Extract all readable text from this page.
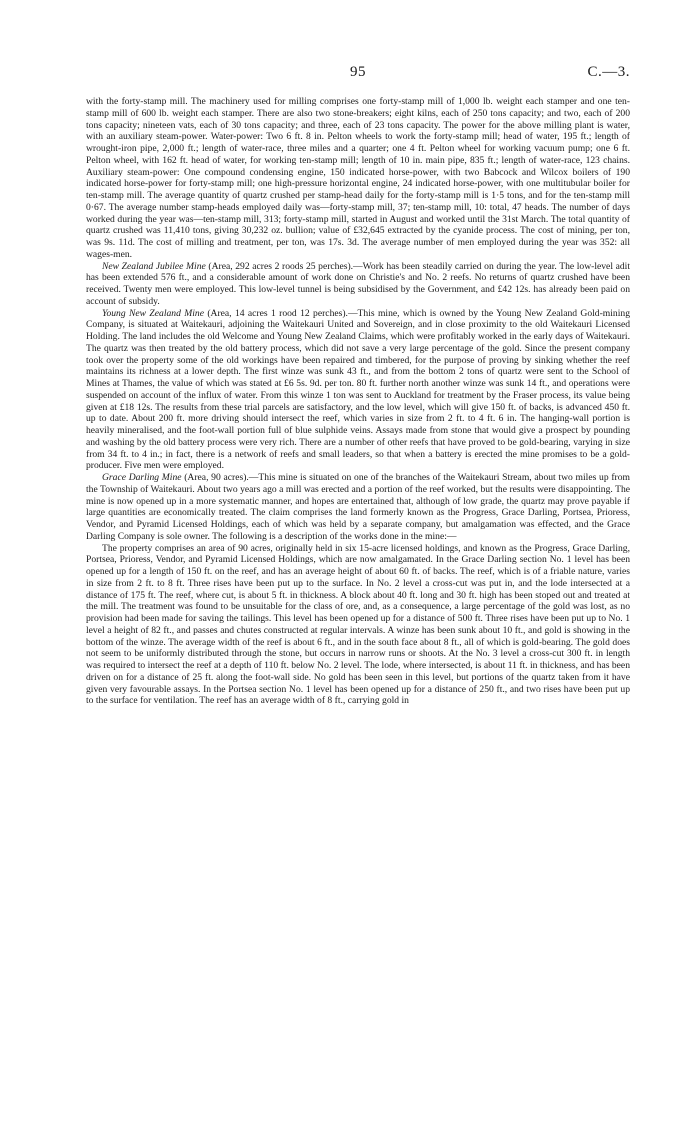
95	C.—3.

with the forty-stamp mill. The machinery used for milling comprises one forty-stamp mill of 1,000 lb. weight each stamper and one ten-stamp mill of 600 lb. weight each stamper. There are also two stone-breakers; eight kilns, each of 250 tons capacity; and two, each of 200 tons capacity; nineteen vats, each of 30 tons capacity; and three, each of 23 tons capacity. The power for the above milling plant is water, with an auxiliary steam-power. Water-power: Two 6 ft. 8 in. Pelton wheels to work the forty-stamp mill; head of water, 195 ft.; length of wrought-iron pipe, 2,000 ft.; length of water-race, three miles and a quarter; one 4 ft. Pelton wheel for working vacuum pump; one 6 ft. Pelton wheel, with 162 ft. head of water, for working ten-stamp mill; length of 10 in. main pipe, 835 ft.; length of water-race, 123 chains. Auxiliary steam-power: One compound condensing engine, 150 indicated horse-power, with two Babcock and Wilcox boilers of 190 indicated horse-power for forty-stamp mill; one high-pressure horizontal engine, 24 indicated horse-power, with one multitubular boiler for ten-stamp mill. The average quantity of quartz crushed per stamp-head daily for the forty-stamp mill is 1·5 tons, and for the ten-stamp mill 0·67. The average number stamp-heads employed daily was—forty-stamp mill, 37; ten-stamp mill, 10: total, 47 heads. The number of days worked during the year was—ten-stamp mill, 313; forty-stamp mill, started in August and worked until the 31st March. The total quantity of quartz crushed was 11,410 tons, giving 30,232 oz. bullion; value of £32,645 extracted by the cyanide process. The cost of mining, per ton, was 9s. 11d. The cost of milling and treatment, per ton, was 17s. 3d. The average number of men employed during the year was 352: all wages-men.

New Zealand Jubilee Mine (Area, 292 acres 2 roods 25 perches).—Work has been steadily carried on during the year. The low-level adit has been extended 576 ft., and a considerable amount of work done on Christie's and No. 2 reefs. No returns of quartz crushed have been received. Twenty men were employed. This low-level tunnel is being subsidised by the Government, and £42 12s. has already been paid on account of subsidy.

Young New Zealand Mine (Area, 14 acres 1 rood 12 perches).—This mine, which is owned by the Young New Zealand Gold-mining Company, is situated at Waitekauri, adjoining the Waitekauri United and Sovereign, and in close proximity to the old Waitekauri Licensed Holding. The land includes the old Welcome and Young New Zealand Claims, which were profitably worked in the early days of Waitekauri. The quartz was then treated by the old battery process, which did not save a very large percentage of the gold. Since the present company took over the property some of the old workings have been repaired and timbered, for the purpose of proving by sinking whether the reef maintains its richness at a lower depth. The first winze was sunk 43 ft., and from the bottom 2 tons of quartz were sent to the School of Mines at Thames, the value of which was stated at £6 5s. 9d. per ton. 80 ft. further north another winze was sunk 14 ft., and operations were suspended on account of the influx of water. From this winze 1 ton was sent to Auckland for treatment by the Fraser process, its value being given at £18 12s. The results from these trial parcels are satisfactory, and the low level, which will give 150 ft. of backs, is advanced 450 ft. up to date. About 200 ft. more driving should intersect the reef, which varies in size from 2 ft. to 4 ft. 6 in. The hanging-wall portion is heavily mineralised, and the foot-wall portion full of blue sulphide veins. Assays made from stone that would give a prospect by pounding and washing by the old battery process were very rich. There are a number of other reefs that have proved to be gold-bearing, varying in size from 34 ft. to 4 in.; in fact, there is a network of reefs and small leaders, so that when a battery is erected the mine promises to be a gold-producer. Five men were employed.

Grace Darling Mine (Area, 90 acres).—This mine is situated on one of the branches of the Waitekauri Stream, about two miles up from the Township of Waitekauri. About two years ago a mill was erected and a portion of the reef worked, but the results were disappointing. The mine is now opened up in a more systematic manner, and hopes are entertained that, although of low grade, the quartz may prove payable if large quantities are economically treated. The claim comprises the land formerly known as the Progress, Grace Darling, Portsea, Prioress, Vendor, and Pyramid Licensed Holdings, each of which was held by a separate company, but amalgamation was effected, and the Grace Darling Company is sole owner. The following is a description of the works done in the mine:—

The property comprises an area of 90 acres, originally held in six 15-acre licensed holdings, and known as the Progress, Grace Darling, Portsea, Prioress, Vendor, and Pyramid Licensed Holdings, which are now amalgamated. In the Grace Darling section No. 1 level has been opened up for a length of 150 ft. on the reef, and has an average height of about 60 ft. of backs. The reef, which is of a friable nature, varies in size from 2 ft. to 8 ft. Three rises have been put up to the surface. In No. 2 level a cross-cut was put in, and the lode intersected at a distance of 175 ft. The reef, where cut, is about 5 ft. in thickness. A block about 40 ft. long and 30 ft. high has been stoped out and treated at the mill. The treatment was found to be unsuitable for the class of ore, and, as a consequence, a large percentage of the gold was lost, as no provision had been made for saving the tailings. This level has been opened up for a distance of 500 ft. Three rises have been put up to No. 1 level a height of 82 ft., and passes and chutes constructed at regular intervals. A winze has been sunk about 10 ft., and gold is showing in the bottom of the winze. The average width of the reef is about 6 ft., and in the south face about 8 ft., all of which is gold-bearing. The gold does not seem to be uniformly distributed through the stone, but occurs in narrow runs or shoots. At the No. 3 level a cross-cut 300 ft. in length was required to intersect the reef at a depth of 110 ft. below No. 2 level. The lode, where intersected, is about 11 ft. in thickness, and has been driven on for a distance of 25 ft. along the foot-wall side. No gold has been seen in this level, but portions of the quartz taken from it have given very favourable assays. In the Portsea section No. 1 level has been opened up for a distance of 250 ft., and two rises have been put up to the surface for ventilation. The reef has an average width of 8 ft., carrying gold in
